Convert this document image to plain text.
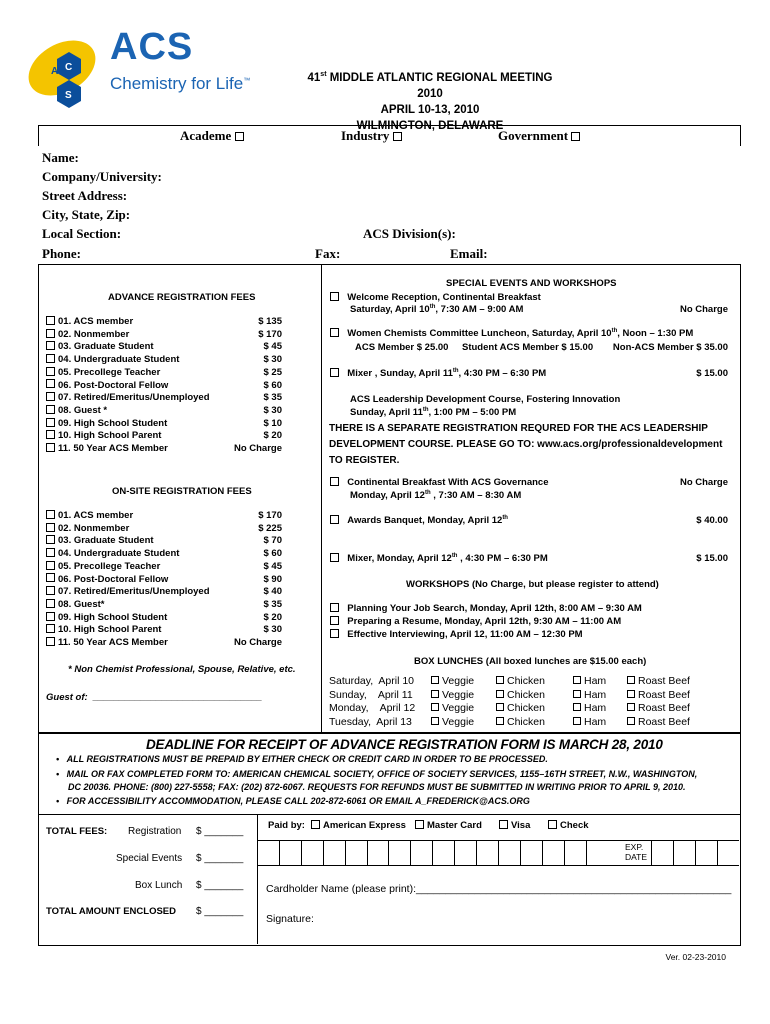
A C
S
ACS
Chemistry for Life™	41st MIDDLE ATLANTIC REGIONAL MEETING 2010
APRIL 10-13, 2010
WILMINGTON, DELAWARE
Academe	Industry	Government
Name:
Company/University:
Street Address:
City, State, Zip:
Local Section:	ACS Division(s):
Phone:	Fax:	Email:
ADVANCE REGISTRATION FEES
01. ACS member	$ 135
02. Nonmember	$ 170
03. Graduate Student	$ 45
04. Undergraduate Student	$ 30
05. Precollege Teacher	$ 25
06. Post-Doctoral Fellow	$ 60
07. Retired/Emeritus/Unemployed	$ 35
08. Guest *	$ 30
09. High School Student	$ 10
10. High School Parent	$ 20
11. 50 Year ACS Member	No Charge
ON-SITE REGISTRATION FEES
01. ACS member	$ 170
02. Nonmember	$ 225
03. Graduate Student	$ 70
04. Undergraduate Student	$ 60
05. Precollege Teacher	$ 45
06. Post-Doctoral Fellow	$ 90
07. Retired/Emeritus/Unemployed	$ 40
08. Guest*	$ 35
09. High School Student	$ 20
10. High School Parent	$ 30
11. 50 Year ACS Member	No Charge
* Non Chemist Professional, Spouse, Relative, etc.
Guest of: ________________________________
SPECIAL EVENTS AND WORKSHOPS
Welcome Reception, Continental Breakfast
Saturday, April 10th, 7:30 AM – 9:00 AM	No Charge
Women Chemists Committee Luncheon, Saturday, April 10th, Noon – 1:30 PM
ACS Member $ 25.00 Student ACS Member $ 15.00 Non-ACS Member $ 35.00
Mixer , Sunday, April 11th, 4:30 PM – 6:30 PM	$ 15.00
ACS Leadership Development Course, Fostering Innovation
Sunday, April 11th, 1:00 PM – 5:00 PM
THERE IS A SEPARATE REGISTRATION REQURED FOR THE ACS LEADERSHIP
DEVELOPMENT COURSE. PLEASE GO TO: www.acs.org/professionaldevelopment
TO REGISTER.
Continental Breakfast With ACS Governance
Monday, April 12th , 7:30 AM – 8:30 AM
No Charge
Awards Banquet, Monday, April 12th	$ 40.00
Mixer, Monday, April 12th , 4:30 PM – 6:30 PM	$ 15.00
WORKSHOPS (No Charge, but please register to attend)
Planning Your Job Search, Monday, April 12th, 8:00 AM – 9:30 AM
Preparing a Resume, Monday, April 12th, 9:30 AM – 11:00 AM
Effective Interviewing, April 12, 11:00 AM – 12:30 PM
BOX LUNCHES (All boxed lunches are $15.00 each)
Saturday,  April 10	Veggie	Chicken	Ham	Roast Beef
Sunday,    April 11	Veggie	Chicken	Ham	Roast Beef
Monday,    April 12	Veggie	Chicken	Ham	Roast Beef
Tuesday,  April 13	Veggie	Chicken	Ham	Roast Beef
DEADLINE FOR RECEIPT OF ADVANCE REGISTRATION FORM IS MARCH 28, 2010
•   ALL REGISTRATIONS MUST BE PREPAID BY EITHER CHECK OR CREDIT CARD IN ORDER TO BE PROCESSED.
•   MAIL OR FAX COMPLETED FORM TO: AMERICAN CHEMICAL SOCIETY, OFFICE OF SOCIETY SERVICES, 1155–16TH STREET, N.W., WASHINGTON,
DC 20036. PHONE: (800) 227-5558; FAX: (202) 872-6067. REQUESTS FOR REFUNDS MUST BE SUBMITTED IN WRITING PRIOR TO APRIL 9, 2010.
•   FOR ACCESSIBILITY ACCOMMODATION, PLEASE CALL 202-872-6061 OR EMAIL A_FREDERICK@ACS.ORG
TOTAL FEES: Registration $ _______
Special Events $ _______
Box Lunch $ _______
TOTAL AMOUNT ENCLOSED $ _______
Paid by:	American Express	Master Card	Visa	Check
EXP.
DATE
Cardholder Name (please print):______________________________________________________
Signature:
Ver. 02-23-2010
